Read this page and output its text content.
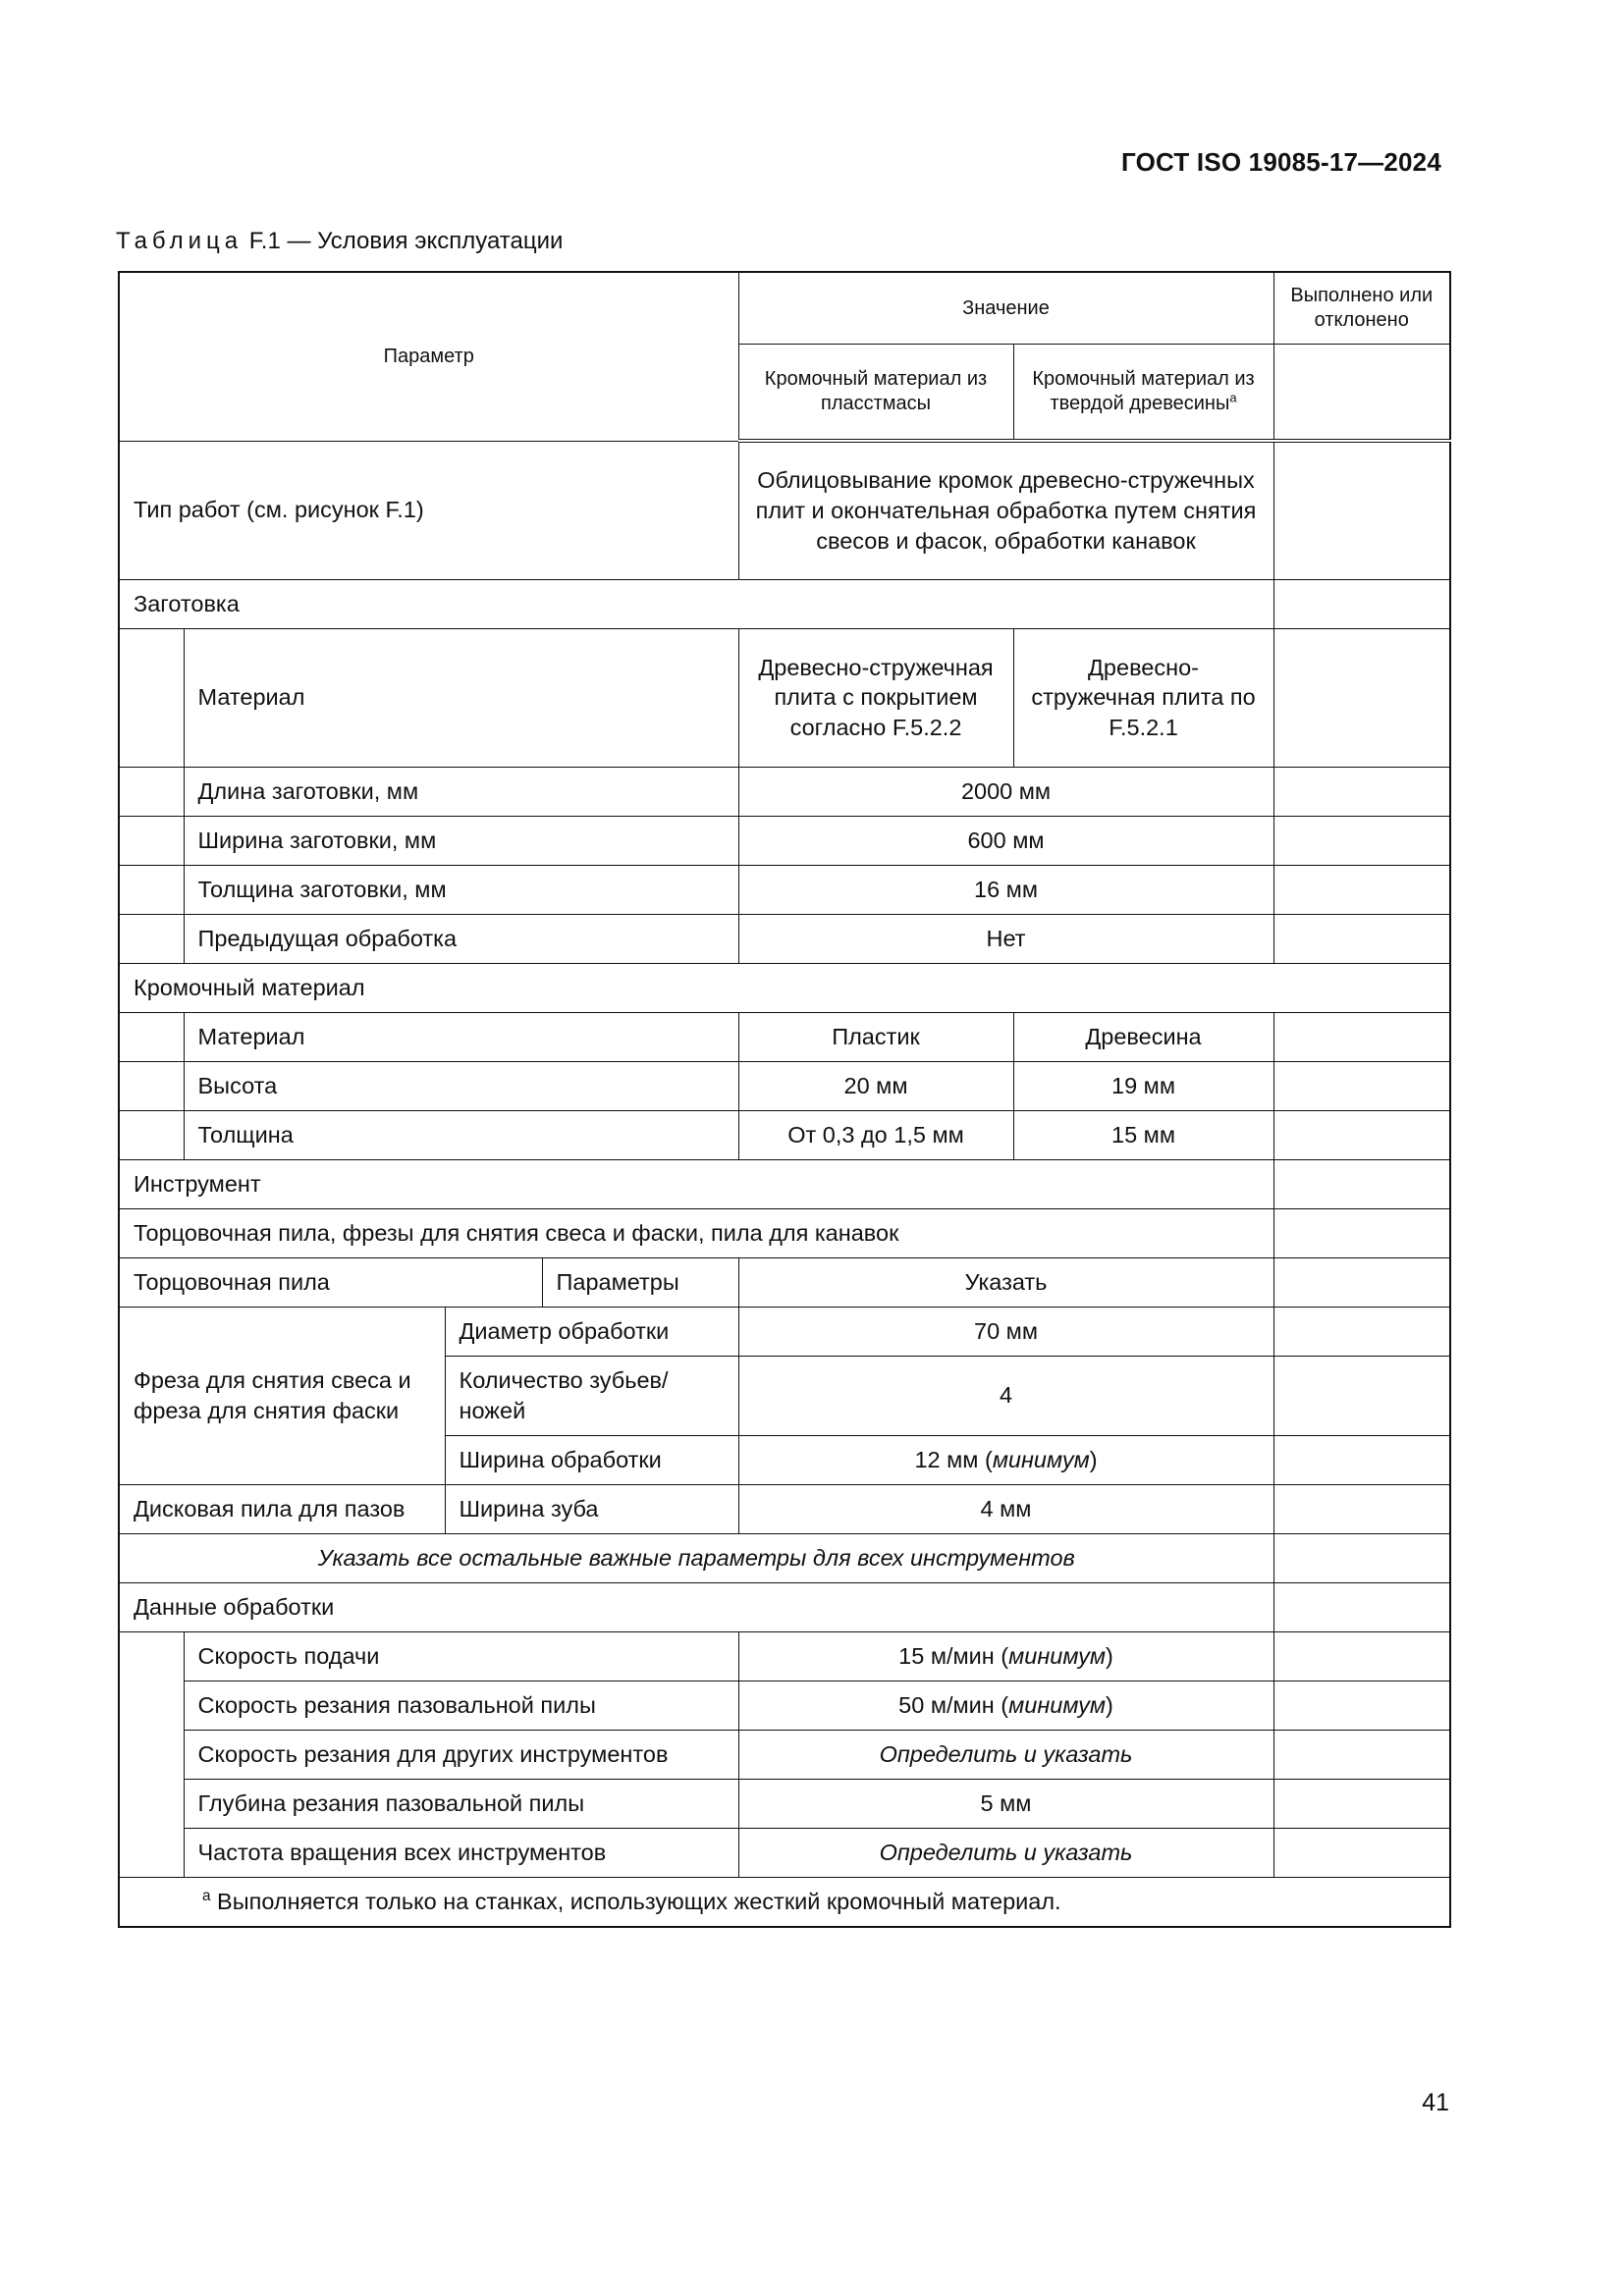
ГОСТ ISO 19085-17—2024
Таблица F.1 — Условия эксплуатации
Параметр				Значение		Выполнено или отклонено
				Кромочный материал из пласстмасы	Кромочный материал из твердой древесины$^a$	
Тип работ (см. рисунок F.1)				Облицовывание кромок древесно-стружечных плит и окончательная обработка путем снятия свесов и фасок, обработки канавок		
Заготовка						
	Материал			Древесно-стружечная плита с покрытием согласно F.5.2.2	Древесно-стружечная плита по F.5.2.1	
	Длина заготовки, мм			2000 мм		
	Ширина заготовки, мм			600 мм		
	Толщина заготовки, мм			16 мм		
	Предыдущая обработка			Нет		
Кромочный материал						
	Материал			Пластик	Древесина	
	Высота			20 мм	19 мм	
	Толщина			От 0,3 до 1,5 мм	15 мм	
Инструмент						
Торцовочная пила, фрезы для снятия свеса и фаски, пила для канавок						
Торцовочная пила			Параметры	Указать		
Фреза для снятия свеса и фреза для снятия фаски		Диаметр обработки		70 мм		
		Количество зубьев/ножей		4		
		Ширина обработки		12 мм (минимум)		
Дисковая пила для пазов		Ширина зуба		4 мм		
Указать все остальные важные параметры для всех инструментов						
Данные обработки						
	Скорость подачи			15 м/мин (минимум)		
	Скорость резания пазовальной пилы			50 м/мин (минимум)		
	Скорость резания для других инструментов			Определить и указать		
	Глубина резания пазовальной пилы			5 мм		
	Частота вращения всех инструментов			Определить и указать		
$^a$ Выполняется только на станках, использующих жесткий кромочный материал.						
41
